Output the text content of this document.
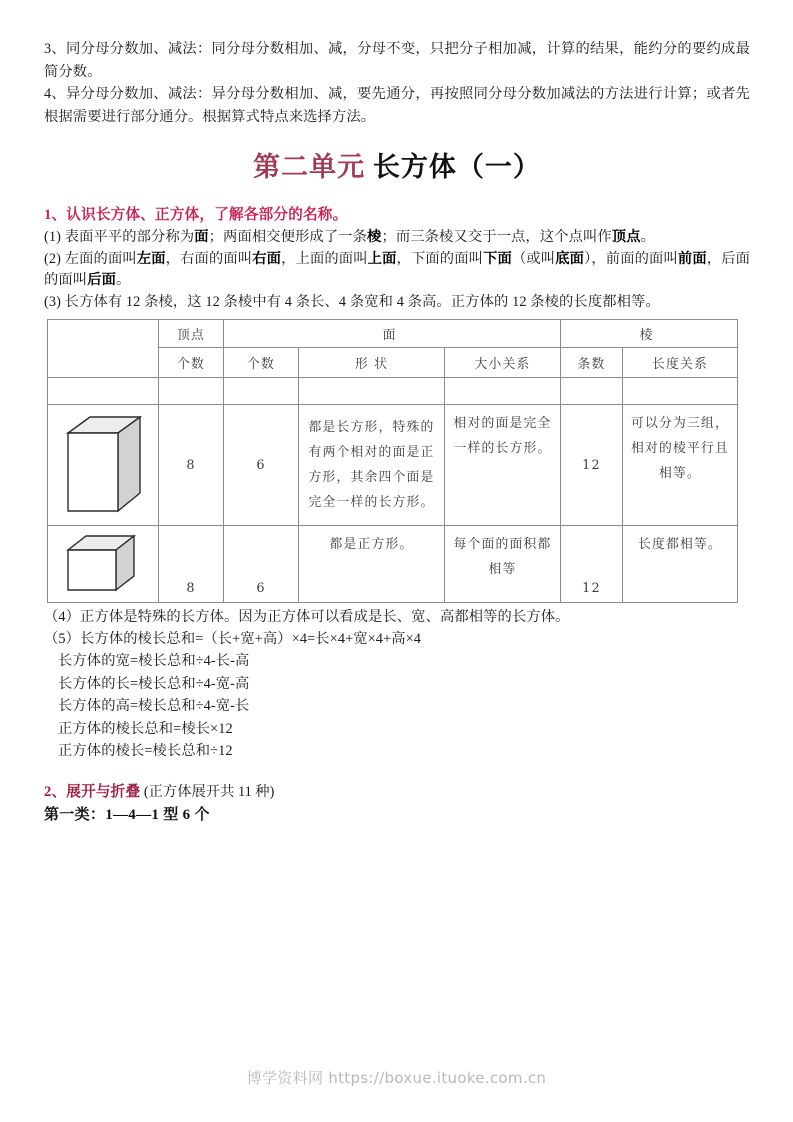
3、同分母分数加、减法：同分母分数相加、减，分母不变，只把分子相加减，计算的结果，能约分的要约成最简分数。

4、异分母分数加、减法：异分母分数相加、减，要先通分，再按照同分母分数加减法的方法进行计算；或者先根据需要进行部分通分。根据算式特点来选择方法。

第二单元 长方体（一）

1、认识长方体、正方体，了解各部分的名称。

(1) 表面平平的部分称为面；两面相交便形成了一条棱；而三条棱又交于一点，这个点叫作顶点。

(2) 左面的面叫左面，右面的面叫右面，上面的面叫上面，下面的面叫下面（或叫底面），前面的面叫前面，后面的面叫后面。

(3) 长方体有 12 条棱，这 12 条棱中有 4 条长、4 条宽和 4 条高。正方体的 12 条棱的长度都相等。

	顶点	面			棱	
	个数	个数	形 状	大小关系	条数	长度关系

	8	6	都是长方形，特殊的有两个相对的面是正方形，其余四个面是完全一样的长方形。	相对的面是完全一样的长方形。	12	可以分为三组，相对的棱平行且相等。

	8	6	都是正方形。	每个面的面积都相等	12	长度都相等。

（4）正方体是特殊的长方体。因为正方体可以看成是长、宽、高都相等的长方体。

（5）长方体的棱长总和=（长+宽+高）×4=长×4+宽×4+高×4

长方体的宽=棱长总和÷4-长-高

长方体的长=棱长总和÷4-宽-高

长方体的高=棱长总和÷4-宽-长

正方体的棱长总和=棱长×12

正方体的棱长=棱长总和÷12

2、展开与折叠 (正方体展开共 11 种)

第一类：1—4—1 型 6 个

博学资料网 https://boxue.ituoke.com.cn
